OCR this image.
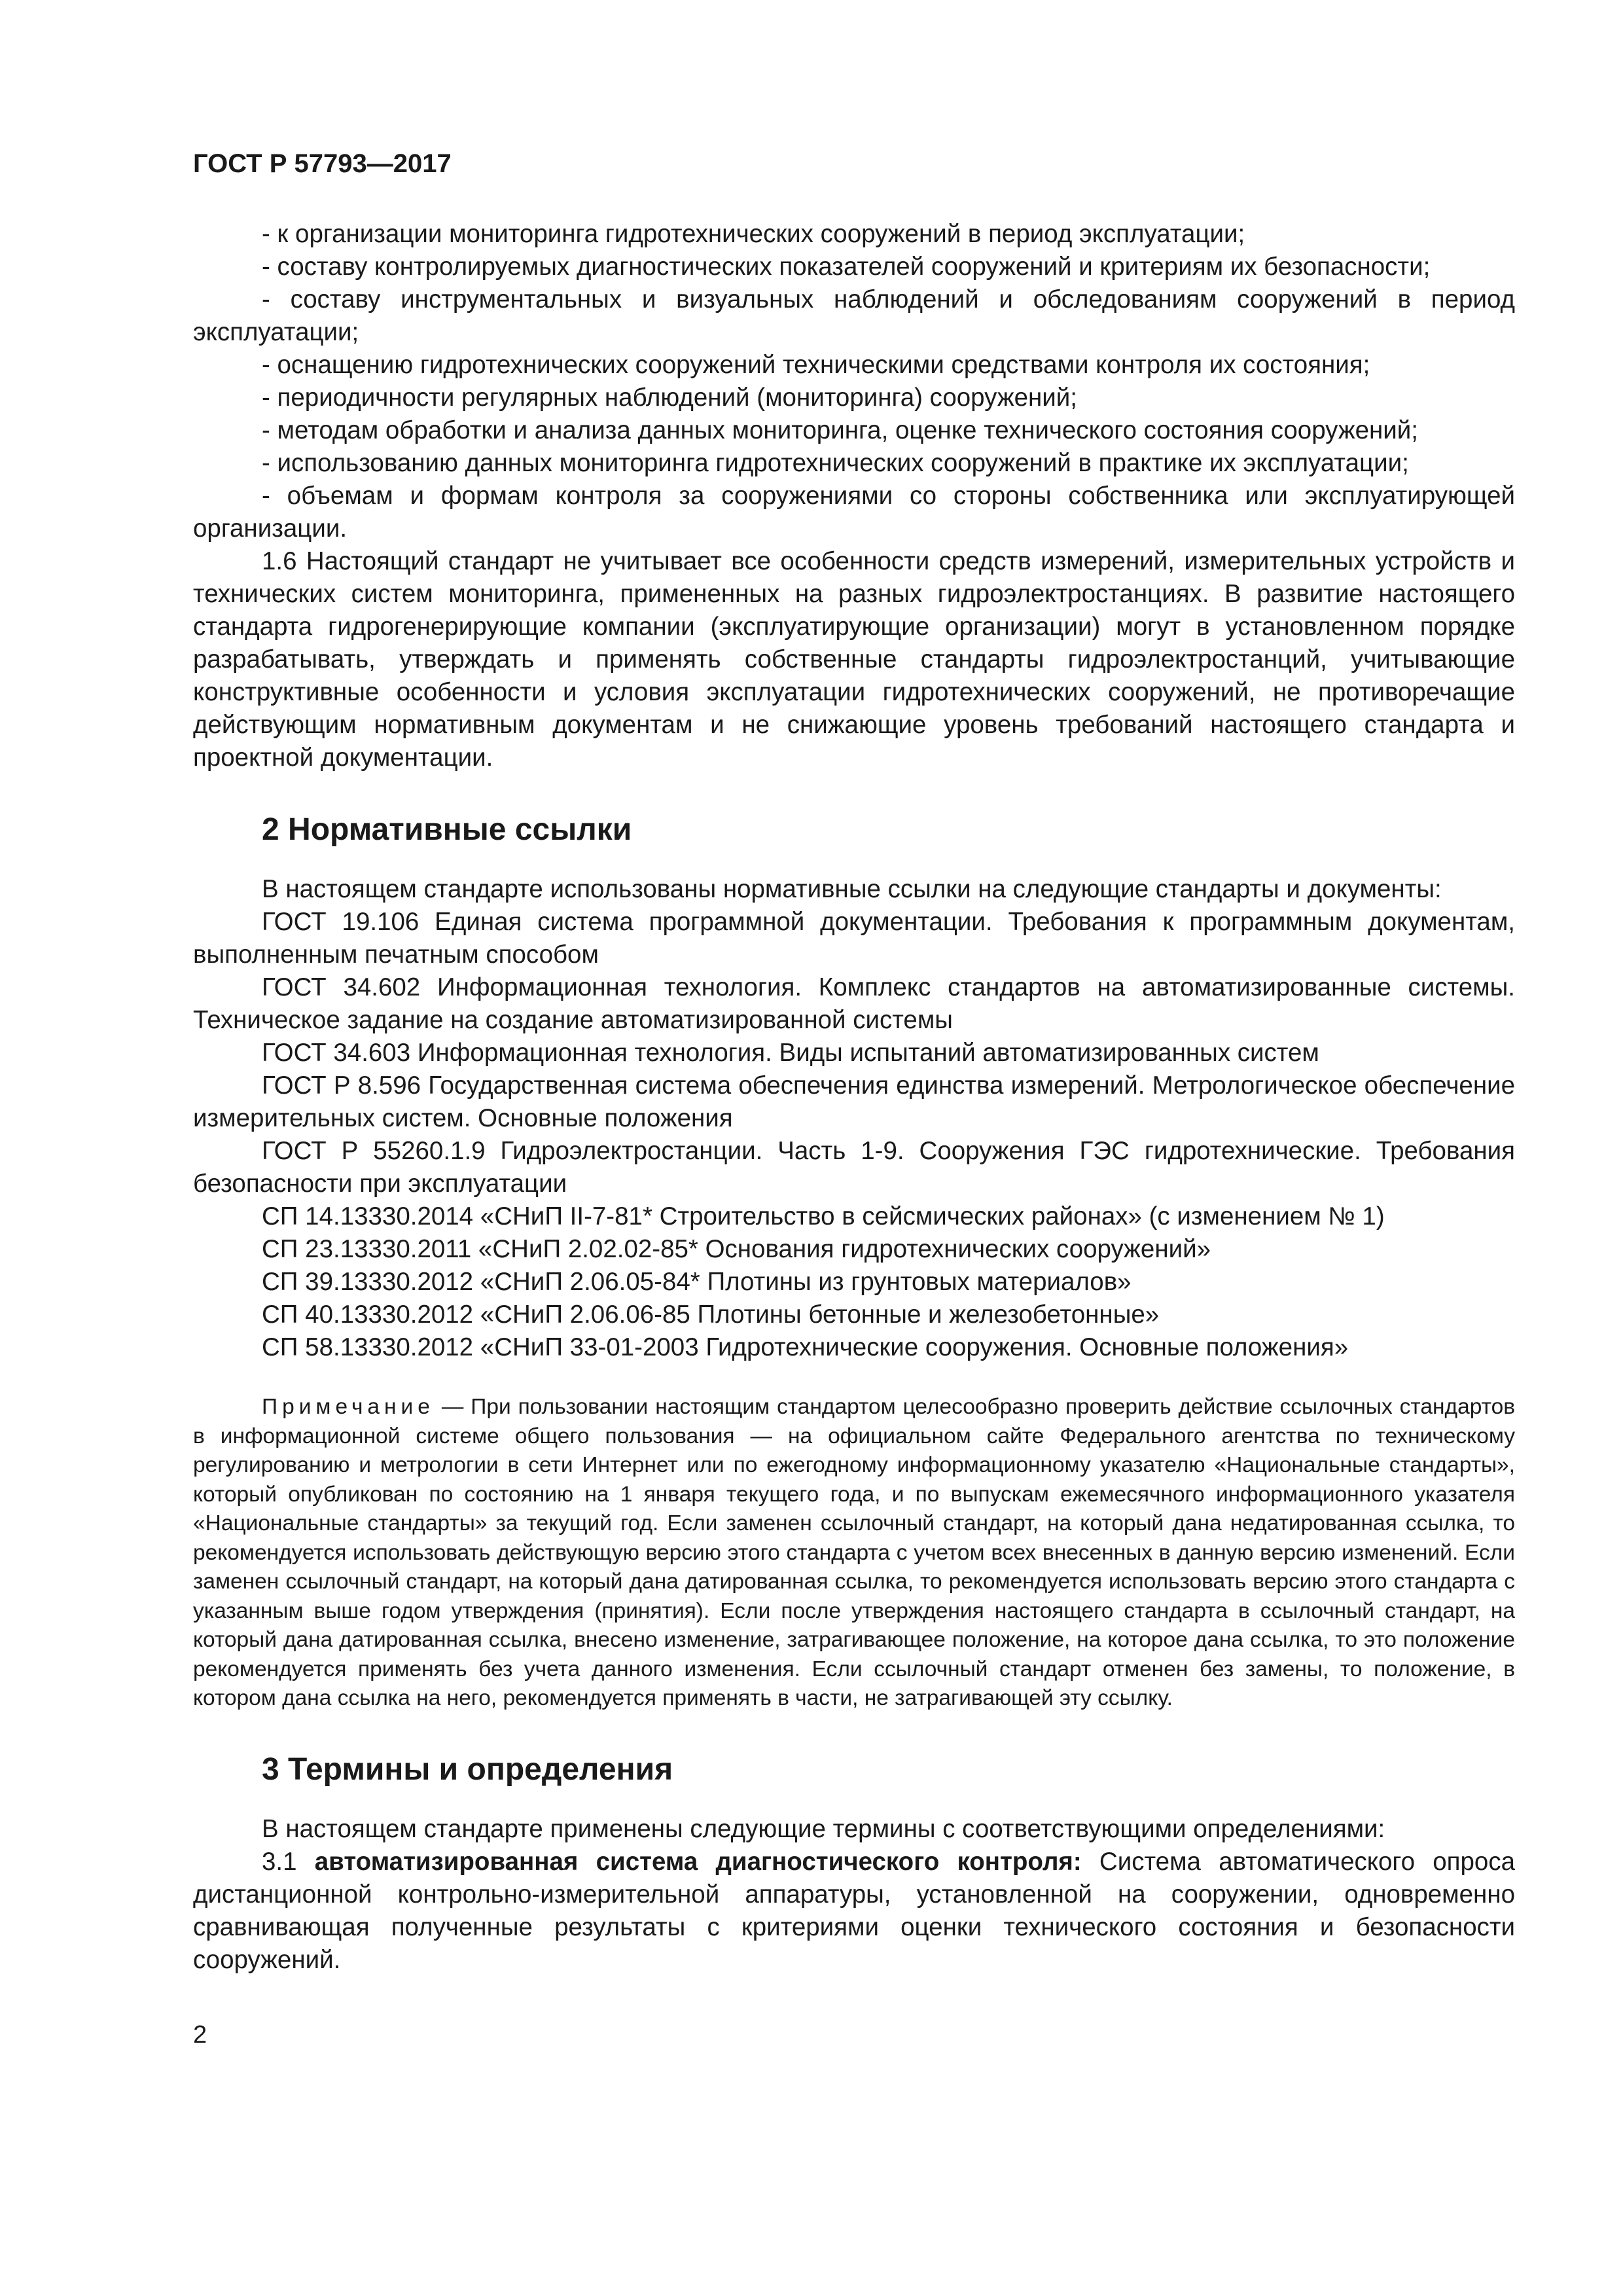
ГОСТ Р 57793—2017

- к организации мониторинга гидротехнических сооружений в период эксплуатации;

- составу контролируемых диагностических показателей сооружений и критериям их безопасности;

- составу инструментальных и визуальных наблюдений и обследованиям сооружений в период эксплуатации;

- оснащению гидротехнических сооружений техническими средствами контроля их состояния;

- периодичности регулярных наблюдений (мониторинга) сооружений;

- методам обработки и анализа данных мониторинга, оценке технического состояния сооружений;

- использованию данных мониторинга гидротехнических сооружений в практике их эксплуатации;

- объемам и формам контроля за сооружениями со стороны собственника или эксплуатирующей организации.

1.6 Настоящий стандарт не учитывает все особенности средств измерений, измерительных устройств и технических систем мониторинга, примененных на разных гидроэлектростанциях. В развитие настоящего стандарта гидрогенерирующие компании (эксплуатирующие организации) могут в установленном порядке разрабатывать, утверждать и применять собственные стандарты гидроэлектростанций, учитывающие конструктивные особенности и условия эксплуатации гидротехнических сооружений, не противоречащие действующим нормативным документам и не снижающие уровень требований настоящего стандарта и проектной документации.

2 Нормативные ссылки

В настоящем стандарте использованы нормативные ссылки на следующие стандарты и документы:

ГОСТ 19.106 Единая система программной документации. Требования к программным документам, выполненным печатным способом

ГОСТ 34.602 Информационная технология. Комплекс стандартов на автоматизированные системы. Техническое задание на создание автоматизированной системы

ГОСТ 34.603 Информационная технология. Виды испытаний автоматизированных систем

ГОСТ Р 8.596 Государственная система обеспечения единства измерений. Метрологическое обеспечение измерительных систем. Основные положения

ГОСТ Р 55260.1.9 Гидроэлектростанции. Часть 1-9. Сооружения ГЭС гидротехнические. Требования безопасности при эксплуатации

СП 14.13330.2014 «СНиП II-7-81* Строительство в сейсмических районах» (с изменением № 1)

СП 23.13330.2011 «СНиП 2.02.02-85* Основания гидротехнических сооружений»

СП 39.13330.2012 «СНиП 2.06.05-84* Плотины из грунтовых материалов»

СП 40.13330.2012 «СНиП 2.06.06-85 Плотины бетонные и железобетонные»

СП 58.13330.2012 «СНиП 33-01-2003 Гидротехнические сооружения. Основные положения»

Примечание — При пользовании настоящим стандартом целесообразно проверить действие ссылочных стандартов в информационной системе общего пользования — на официальном сайте Федерального агентства по техническому регулированию и метрологии в сети Интернет или по ежегодному информационному указателю «Национальные стандарты», который опубликован по состоянию на 1 января текущего года, и по выпускам ежемесячного информационного указателя «Национальные стандарты» за текущий год. Если заменен ссылочный стандарт, на который дана недатированная ссылка, то рекомендуется использовать действующую версию этого стандарта с учетом всех внесенных в данную версию изменений. Если заменен ссылочный стандарт, на который дана датированная ссылка, то рекомендуется использовать версию этого стандарта с указанным выше годом утверждения (принятия). Если после утверждения настоящего стандарта в ссылочный стандарт, на который дана датированная ссылка, внесено изменение, затрагивающее положение, на которое дана ссылка, то это положение рекомендуется применять без учета данного изменения. Если ссылочный стандарт отменен без замены, то положение, в котором дана ссылка на него, рекомендуется применять в части, не затрагивающей эту ссылку.

3 Термины и определения

В настоящем стандарте применены следующие термины с соответствующими определениями:

3.1 автоматизированная система диагностического контроля: Система автоматического опроса дистанционной контрольно-измерительной аппаратуры, установленной на сооружении, одновременно сравнивающая полученные результаты с критериями оценки технического состояния и безопасности сооружений.

2
